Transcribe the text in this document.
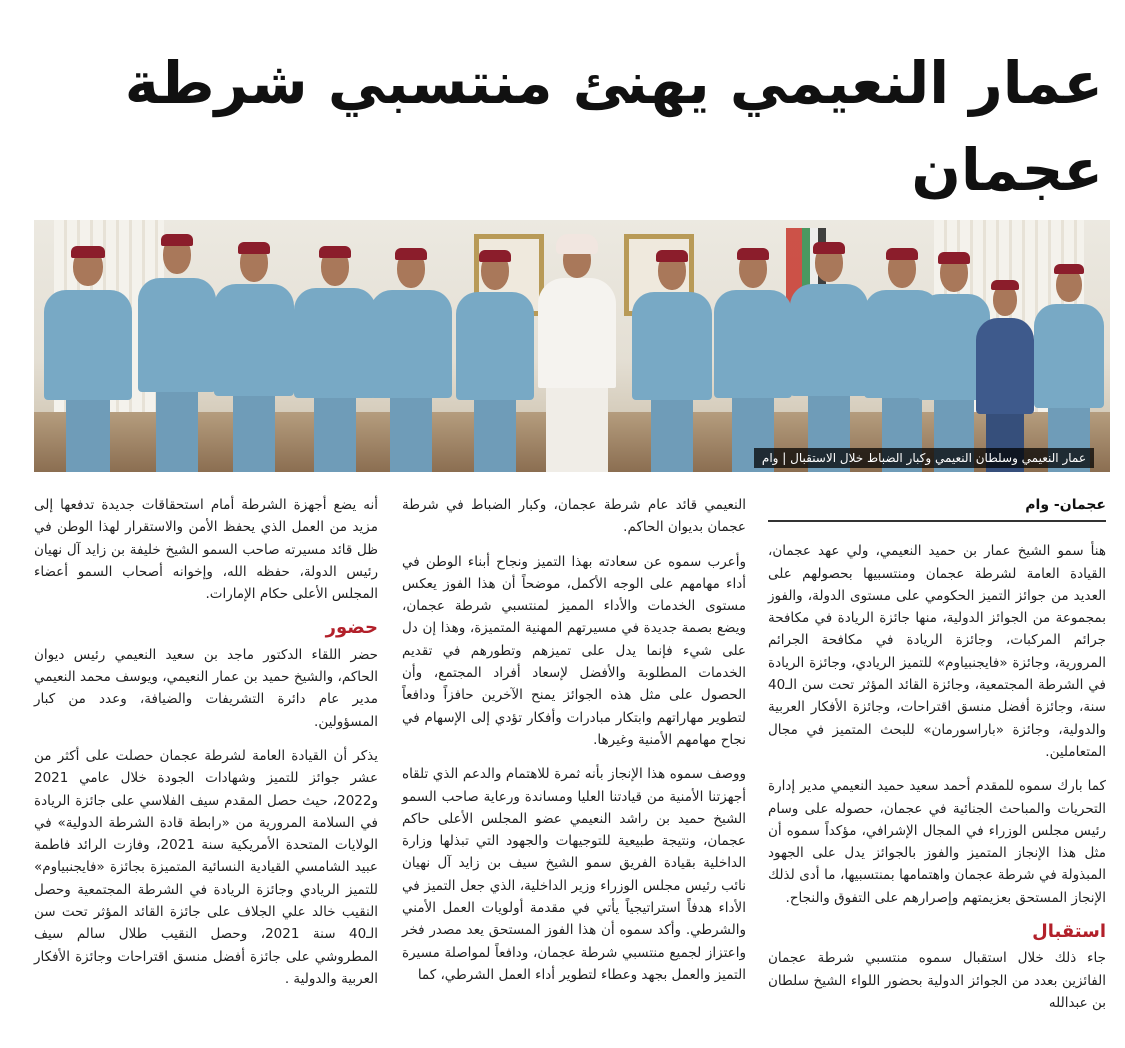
عمار النعيمي يهنئ منتسبي شرطة عجمان
عمار النعيمي وسلطان النعيمي وكبار الضباط خلال الاستقبال | وام
عجمان- وام

هنأ سمو الشيخ عمار بن حميد النعيمي، ولي عهد عجمان، القيادة العامة لشرطة عجمان ومنتسبيها بحصولهم على العديد من جوائز التميز الحكومي على مستوى الدولة، والفوز بمجموعة من الجوائز الدولية، منها جائزة الريادة في مكافحة جرائم المركبات، وجائزة الريادة في مكافحة الجرائم المرورية، وجائزة «فايجنبياوم» للتميز الريادي، وجائزة الريادة في الشرطة المجتمعية، وجائزة القائد المؤثر تحت سن الـ40 سنة، وجائزة أفضل منسق اقتراحات، وجائزة الأفكار العربية والدولية، وجائزة «باراسورمان» للبحث المتميز في مجال المتعاملين.

كما بارك سموه للمقدم أحمد سعيد حميد النعيمي مدير إدارة التحريات والمباحث الجنائية في عجمان، حصوله على وسام رئيس مجلس الوزراء في المجال الإشرافي، مؤكداً سموه أن مثل هذا الإنجاز المتميز والفوز بالجوائز يدل على الجهود المبذولة في شرطة عجمان واهتمامها بمنتسبيها، ما أدى لذلك الإنجاز المستحق بعزيمتهم وإصرارهم على التفوق والنجاح.

استقبال

جاء ذلك خلال استقبال سموه منتسبي شرطة عجمان الفائزين بعدد من الجوائز الدولية بحضور اللواء الشيخ سلطان بن عبدالله

النعيمي قائد عام شرطة عجمان، وكبار الضباط في شرطة عجمان بديوان الحاكم.

وأعرب سموه عن سعادته بهذا التميز ونجاح أبناء الوطن في أداء مهامهم على الوجه الأكمل، موضحاً أن هذا الفوز يعكس مستوى الخدمات والأداء المميز لمنتسبي شرطة عجمان، ويضع بصمة جديدة في مسيرتهم المهنية المتميزة، وهذا إن دل على شيء فإنما يدل على تميزهم وتطورهم في تقديم الخدمات المطلوبة والأفضل لإسعاد أفراد المجتمع، وأن الحصول على مثل هذه الجوائز يمنح الآخرين حافزاً ودافعاً لتطوير مهاراتهم وابتكار مبادرات وأفكار تؤدي إلى الإسهام في نجاح مهامهم الأمنية وغيرها.

ووصف سموه هذا الإنجاز بأنه ثمرة للاهتمام والدعم الذي تلقاه أجهزتنا الأمنية من قيادتنا العليا ومساندة ورعاية صاحب السمو الشيخ حميد بن راشد النعيمي عضو المجلس الأعلى حاكم عجمان، ونتيجة طبيعية للتوجيهات والجهود التي تبذلها وزارة الداخلية بقيادة الفريق سمو الشيخ سيف بن زايد آل نهيان نائب رئيس مجلس الوزراء وزير الداخلية، الذي جعل التميز في الأداء هدفاً استراتيجياً يأتي في مقدمة أولويات العمل الأمني والشرطي. وأكد سموه أن هذا الفوز المستحق يعد مصدر فخر واعتزاز لجميع منتسبي شرطة عجمان، ودافعاً لمواصلة مسيرة التميز والعمل بجهد وعطاء لتطوير أداء العمل الشرطي، كما

أنه يضع أجهزة الشرطة أمام استحقاقات جديدة تدفعها إلى مزيد من العمل الذي يحفظ الأمن والاستقرار لهذا الوطن في ظل قائد مسيرته صاحب السمو الشيخ خليفة بن زايد آل نهيان رئيس الدولة، حفظه الله، وإخوانه أصحاب السمو أعضاء المجلس الأعلى حكام الإمارات.

حضور

حضر اللقاء الدكتور ماجد بن سعيد النعيمي رئيس ديوان الحاكم، والشيخ حميد بن عمار النعيمي، ويوسف محمد النعيمي مدير عام دائرة التشريفات والضيافة، وعدد من كبار المسؤولين.

يذكر أن القيادة العامة لشرطة عجمان حصلت على أكثر من عشر جوائز للتميز وشهادات الجودة خلال عامي 2021 و2022، حيث حصل المقدم سيف الفلاسي على جائزة الريادة في السلامة المرورية من «رابطة قادة الشرطة الدولية» في الولايات المتحدة الأمريكية سنة 2021، وفازت الرائد فاطمة عبيد الشامسي القيادية النسائية المتميزة بجائزة «فايجنبياوم» للتميز الريادي وجائزة الريادة في الشرطة المجتمعية وحصل النقيب خالد علي الجلاف على جائزة القائد المؤثر تحت سن الـ40 سنة 2021، وحصل النقيب طلال سالم سيف المطروشي على جائزة أفضل منسق اقتراحات وجائزة الأفكار العربية والدولية .
